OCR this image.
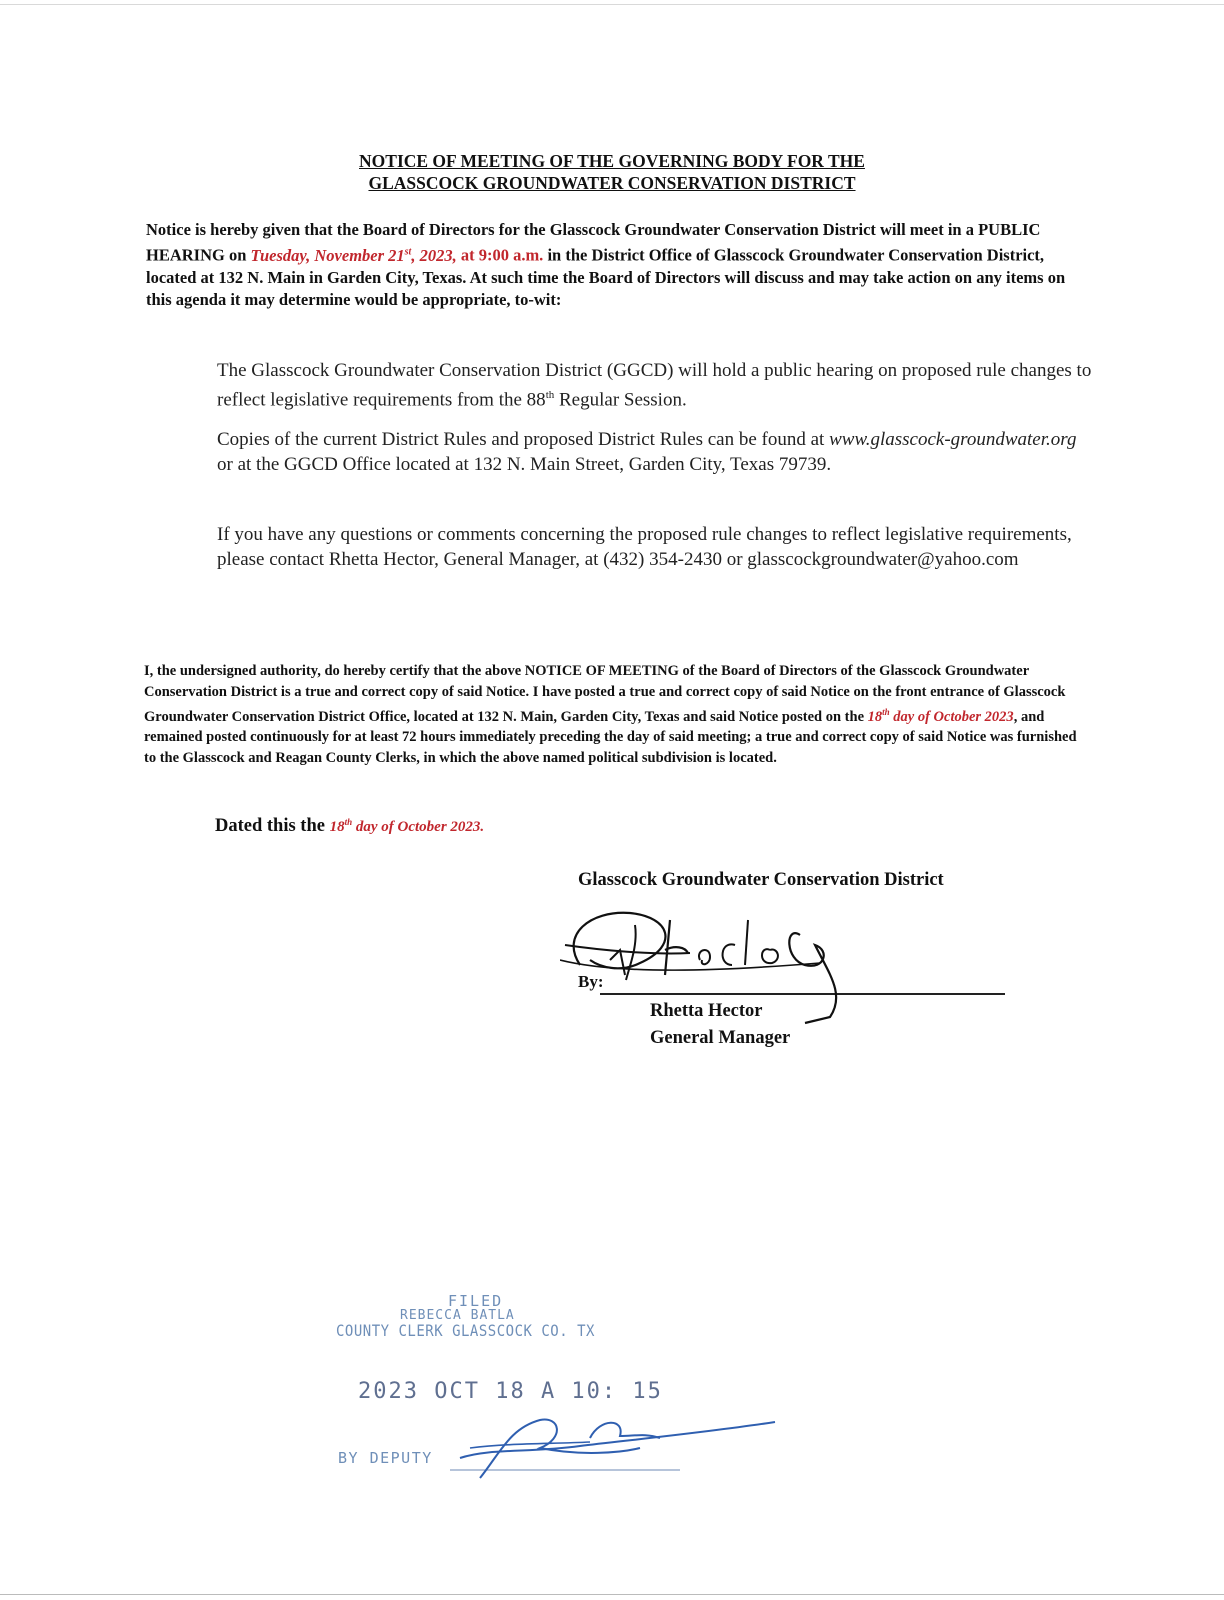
NOTICE OF MEETING OF THE GOVERNING BODY FOR THE
GLASSCOCK GROUNDWATER CONSERVATION DISTRICT
Notice is hereby given that the Board of Directors for the Glasscock Groundwater Conservation District will meet in a PUBLIC HEARING on Tuesday, November 21st, 2023, at 9:00 a.m. in the District Office of Glasscock Groundwater Conservation District, located at 132 N. Main in Garden City, Texas. At such time the Board of Directors will discuss and may take action on any items on this agenda it may determine would be appropriate, to-wit:
The Glasscock Groundwater Conservation District (GGCD) will hold a public hearing on proposed rule changes to reflect legislative requirements from the 88th Regular Session.
Copies of the current District Rules and proposed District Rules can be found at www.glasscock-groundwater.org or at the GGCD Office located at 132 N. Main Street, Garden City, Texas 79739.
If you have any questions or comments concerning the proposed rule changes to reflect legislative requirements, please contact Rhetta Hector, General Manager, at (432) 354-2430 or glasscockgroundwater@yahoo.com
I, the undersigned authority, do hereby certify that the above NOTICE OF MEETING of the Board of Directors of the Glasscock Groundwater Conservation District is a true and correct copy of said Notice. I have posted a true and correct copy of said Notice on the front entrance of Glasscock Groundwater Conservation District Office, located at 132 N. Main, Garden City, Texas and said Notice posted on the 18th day of October 2023, and remained posted continuously for at least 72 hours immediately preceding the day of said meeting; a true and correct copy of said Notice was furnished to the Glasscock and Reagan County Clerks, in which the above named political subdivision is located.
Dated this the 18th day of October 2023.
Glasscock Groundwater Conservation District
By:
Rhetta Hector
General Manager
FILED
REBECCA BATLA
COUNTY CLERK GLASSCOCK CO. TX
2023 OCT 18 A 10: 15
BY DEPUTY
